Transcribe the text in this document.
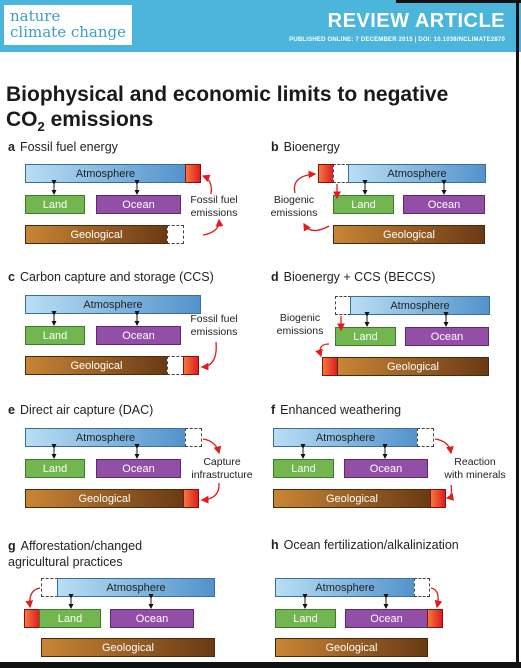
nature
climate change	REVIEW ARTICLE
PUBLISHED ONLINE: 7 DECEMBER 2015 | DOI: 10.1038/NCLIMATE2870
Biophysical and economic limits to negative
$CO_2$ emissions
a Fossil fuel energy
Atmosphere
Land	Ocean
Geological
Fossil fuel
emissions
b Bioenergy
Atmosphere
Land	Ocean
Geological
Biogenic
emissions
c Carbon capture and storage (CCS)
Atmosphere
Land	Ocean
Geological
Fossil fuel
emissions
d Bioenergy + CCS (BECCS)
Atmosphere
Land	Ocean
Geological
Biogenic
emissions
e Direct air capture (DAC)
Atmosphere
Land	Ocean
Geological
Capture
infrastructure
f Enhanced weathering
Atmosphere
Land	Ocean
Geological
Reaction
with minerals
g Afforestation/changed
agricultural practices
Atmosphere
Land	Ocean
Geological
h Ocean fertilization/alkalinization
Atmosphere
Land	Ocean
Geological
